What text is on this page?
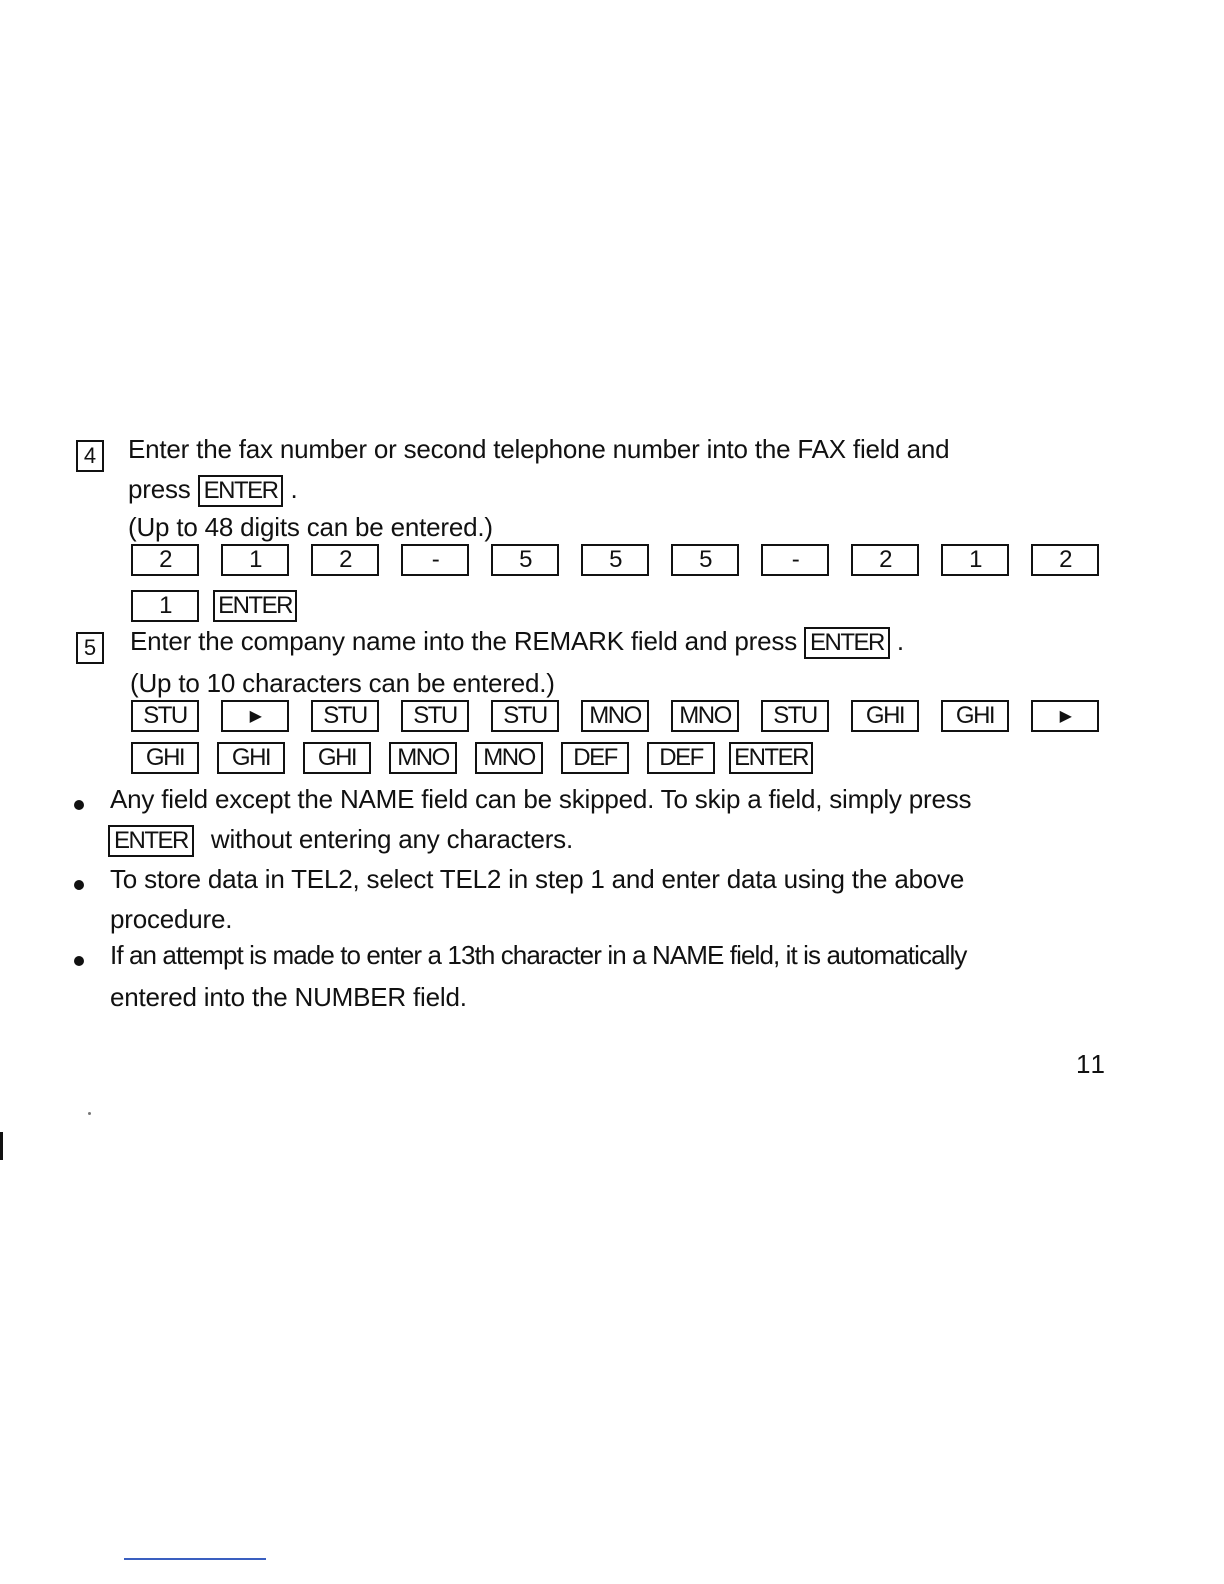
4	Enter the fax number or second telephone number into the FAX field and
press ENTER .
(Up to 48 digits can be entered.)
2	1	2	-	5	5	5	-	2	1	2
1	ENTER
5	Enter the company name into the REMARK field and press ENTER .
(Up to 10 characters can be entered.)
STU	▶	STU	STU	STU	MNO	MNO	STU	GHI	GHI	▶
GHI	GHI	GHI	MNO	MNO	DEF	DEF	ENTER
Any field except the NAME field can be skipped. To skip a field, simply press
ENTER without entering any characters.
To store data in TEL2, select TEL2 in step 1 and enter data using the above
procedure.
If an attempt is made to enter a 13th character in a NAME field, it is automatically
entered into the NUMBER field.
11
